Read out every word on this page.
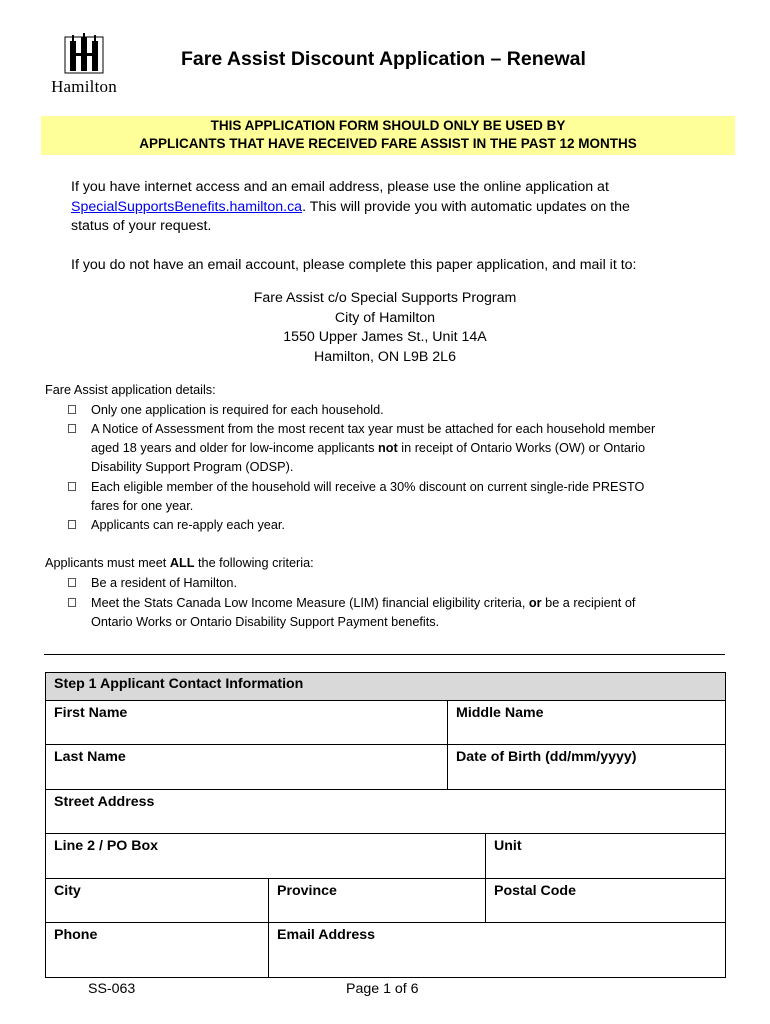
Hamilton
Fare Assist Discount Application – Renewal
THIS APPLICATION FORM SHOULD ONLY BE USED BY
APPLICANTS THAT HAVE RECEIVED FARE ASSIST IN THE PAST 12 MONTHS
If you have internet access and an email address, please use the online application at
SpecialSupportsBenefits.hamilton.ca. This will provide you with automatic updates on the
status of your request.
If you do not have an email account, please complete this paper application, and mail it to:
Fare Assist c/o Special Supports Program
City of Hamilton
1550 Upper James St., Unit 14A
Hamilton, ON L9B 2L6
Fare Assist application details:
Only one application is required for each household.
A Notice of Assessment from the most recent tax year must be attached for each household member
aged 18 years and older for low-income applicants not in receipt of Ontario Works (OW) or Ontario
Disability Support Program (ODSP).
Each eligible member of the household will receive a 30% discount on current single-ride PRESTO
fares for one year.
Applicants can re-apply each year.
Applicants must meet ALL the following criteria:
Be a resident of Hamilton.
Meet the Stats Canada Low Income Measure (LIM) financial eligibility criteria, or be a recipient of
Ontario Works or Ontario Disability Support Payment benefits.
Step 1 Applicant Contact Information
First Name	Middle Name
Last Name	Date of Birth (dd/mm/yyyy)
Street Address
Line 2 / PO Box	Unit
City	Province	Postal Code
Phone	Email Address
SS-063	Page 1 of 6
